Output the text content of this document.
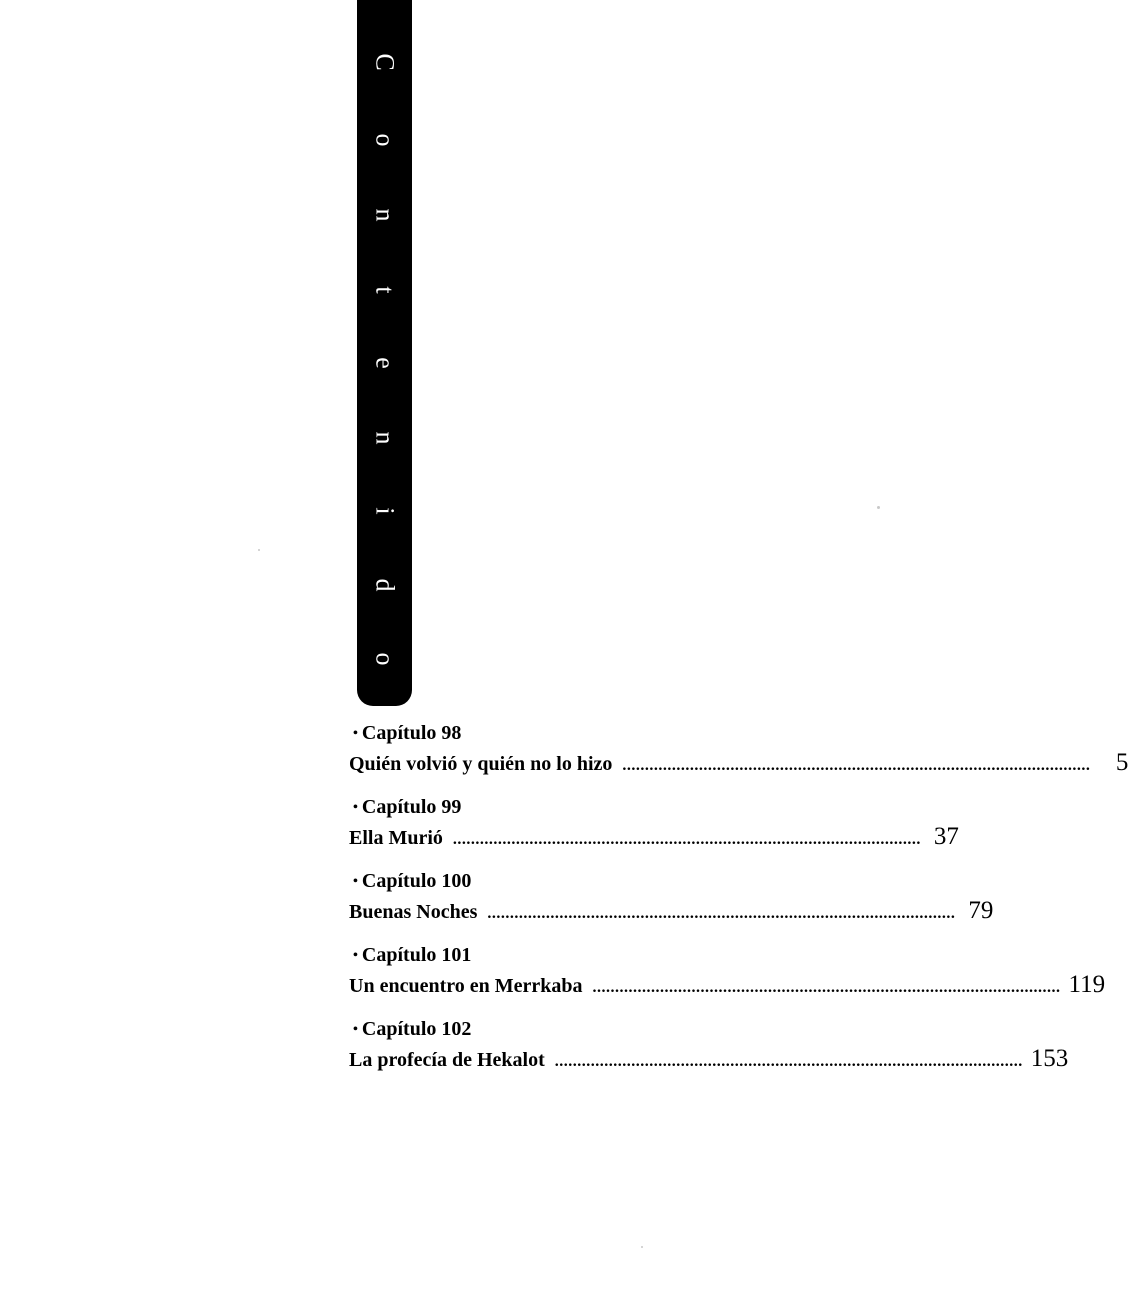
C
o
n
t
e
n
i
d
o
• Capítulo 98
Quién volvió y quién no lo hizo ........................................................................................................	5
• Capítulo 99
Ella Murió ........................................................................................................ 37
• Capítulo 100
Buenas Noches ........................................................................................................ 79
• Capítulo 101
Un encuentro en Merrkaba ........................................................................................................ 119
• Capítulo 102
La profecía de Hekalot ........................................................................................................ 153
